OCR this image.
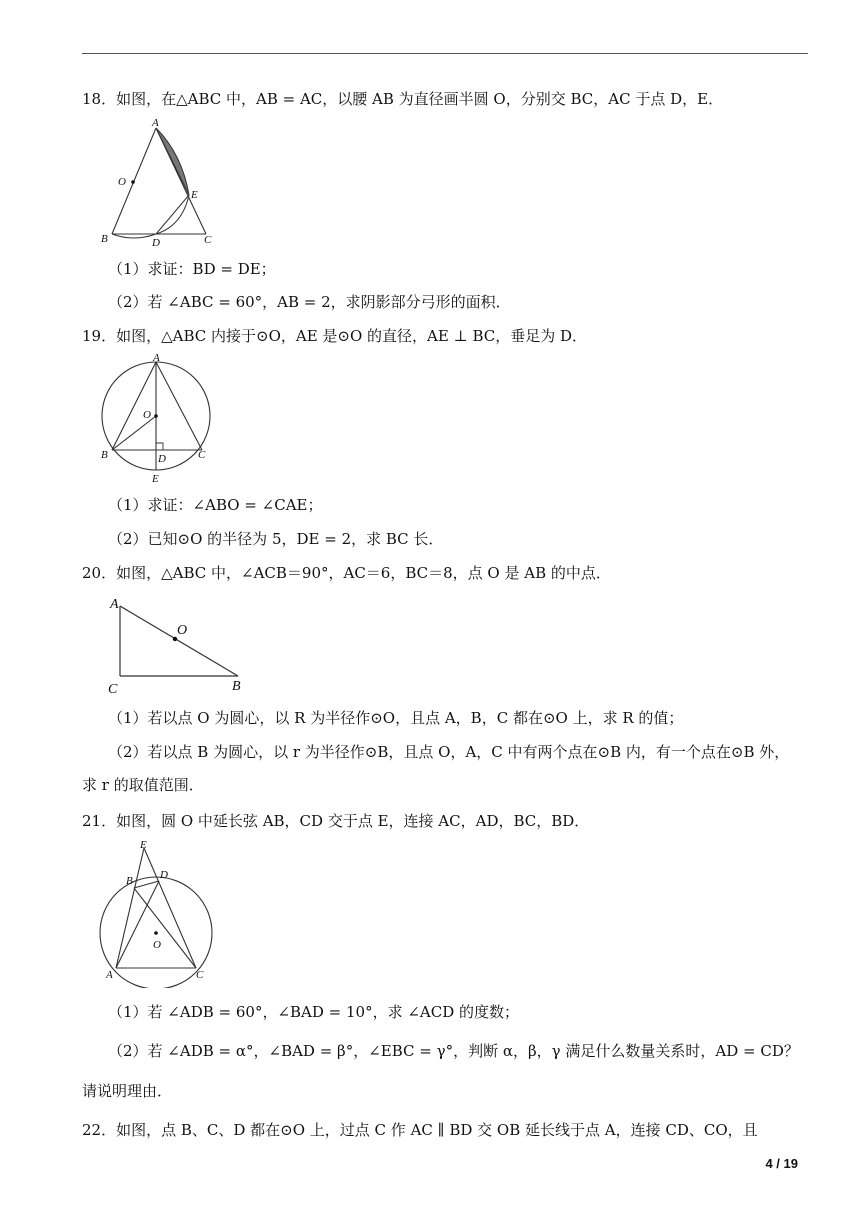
18．如图，在△ABC 中，AB = AC，以腰 AB 为直径画半圆 O，分别交 BC，AC 于点 D，E．
A
O
E
B	D	C
（1）求证：BD = DE；
（2）若 ∠ABC = 60°，AB = 2，求阴影部分弓形的面积．
19．如图，△ABC 内接于⊙O，AE 是⊙O 的直径，AE ⊥ BC，垂足为 D．
A
O
B	D	C
E
（1）求证：∠ABO = ∠CAE；
（2）已知⊙O 的半径为 5，DE = 2，求 BC 长．
20．如图，△ABC 中，∠ACB＝90°，AC＝6，BC＝8，点 O 是 AB 的中点．
A
O
C	B
（1）若以点 O 为圆心，以 R 为半径作⊙O，且点 A，B，C 都在⊙O 上，求 R 的值；
（2）若以点 B 为圆心，以 r 为半径作⊙B，且点 O，A，C 中有两个点在⊙B 内，有一个点在⊙B 外，
求 r 的取值范围．
21．如图，圆 O 中延长弦 AB，CD 交于点 E，连接 AC，AD，BC，BD．
E
B D
O
A	C
（1）若 ∠ADB = 60°，∠BAD = 10°，求 ∠ACD 的度数；
（2）若 ∠ADB = α°，∠BAD = β°，∠EBC = γ°，判断 α，β，γ 满足什么数量关系时，AD = CD？
请说明理由．
22．如图，点 B、C、D 都在⊙O 上，过点 C 作 AC ∥ BD 交 OB 延长线于点 A，连接 CD、CO，且
4 / 19
